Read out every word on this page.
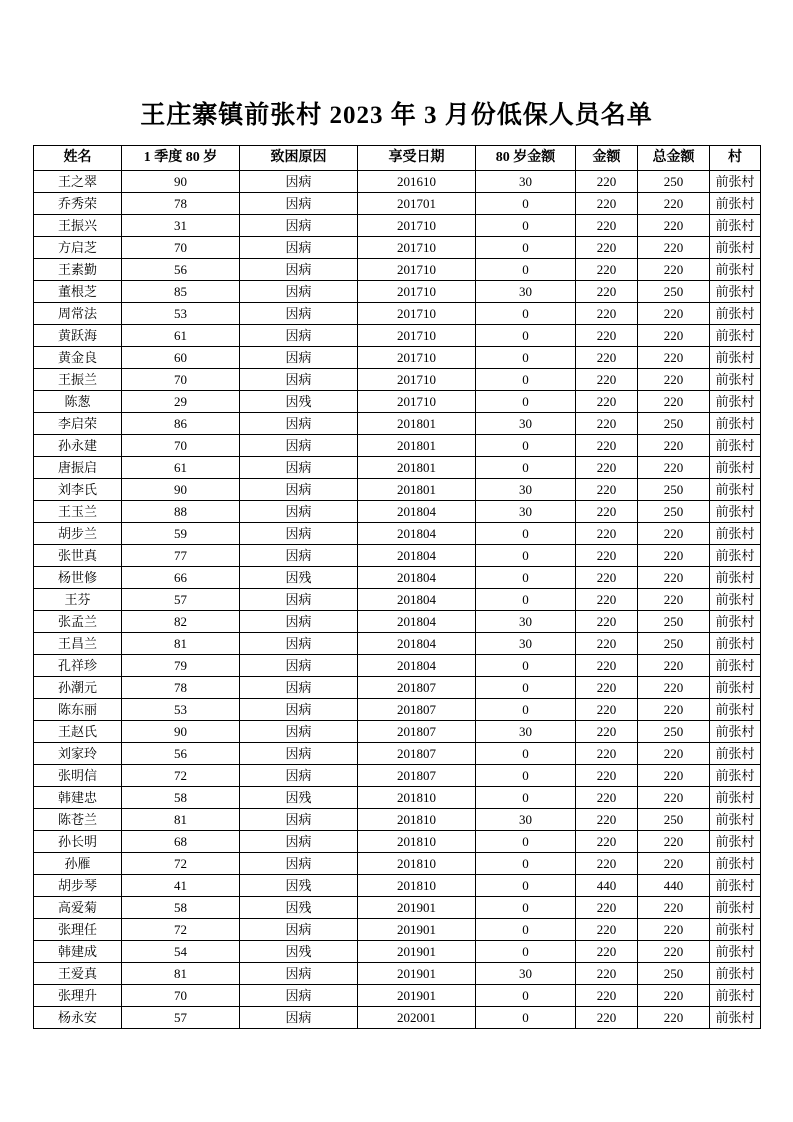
王庄寨镇前张村 2023 年 3 月份低保人员名单
姓名	1 季度 80 岁	致困原因	享受日期	80 岁金额	金额	总金额	村
王之翠	90	因病	201610	30	220	250	前张村
乔秀荣	78	因病	201701	0	220	220	前张村
王振兴	31	因病	201710	0	220	220	前张村
方启芝	70	因病	201710	0	220	220	前张村
王素勤	56	因病	201710	0	220	220	前张村
董根芝	85	因病	201710	30	220	250	前张村
周常法	53	因病	201710	0	220	220	前张村
黄跃海	61	因病	201710	0	220	220	前张村
黄金良	60	因病	201710	0	220	220	前张村
王振兰	70	因病	201710	0	220	220	前张村
陈葱	29	因残	201710	0	220	220	前张村
李启荣	86	因病	201801	30	220	250	前张村
孙永建	70	因病	201801	0	220	220	前张村
唐振启	61	因病	201801	0	220	220	前张村
刘李氏	90	因病	201801	30	220	250	前张村
王玉兰	88	因病	201804	30	220	250	前张村
胡步兰	59	因病	201804	0	220	220	前张村
张世真	77	因病	201804	0	220	220	前张村
杨世修	66	因残	201804	0	220	220	前张村
王芬	57	因病	201804	0	220	220	前张村
张孟兰	82	因病	201804	30	220	250	前张村
王昌兰	81	因病	201804	30	220	250	前张村
孔祥珍	79	因病	201804	0	220	220	前张村
孙潮元	78	因病	201807	0	220	220	前张村
陈东丽	53	因病	201807	0	220	220	前张村
王赵氏	90	因病	201807	30	220	250	前张村
刘家玲	56	因病	201807	0	220	220	前张村
张明信	72	因病	201807	0	220	220	前张村
韩建忠	58	因残	201810	0	220	220	前张村
陈苍兰	81	因病	201810	30	220	250	前张村
孙长明	68	因病	201810	0	220	220	前张村
孙雁	72	因病	201810	0	220	220	前张村
胡步琴	41	因残	201810	0	440	440	前张村
高爱菊	58	因残	201901	0	220	220	前张村
张理任	72	因病	201901	0	220	220	前张村
韩建成	54	因残	201901	0	220	220	前张村
王爱真	81	因病	201901	30	220	250	前张村
张理升	70	因病	201901	0	220	220	前张村
杨永安	57	因病	202001	0	220	220	前张村
